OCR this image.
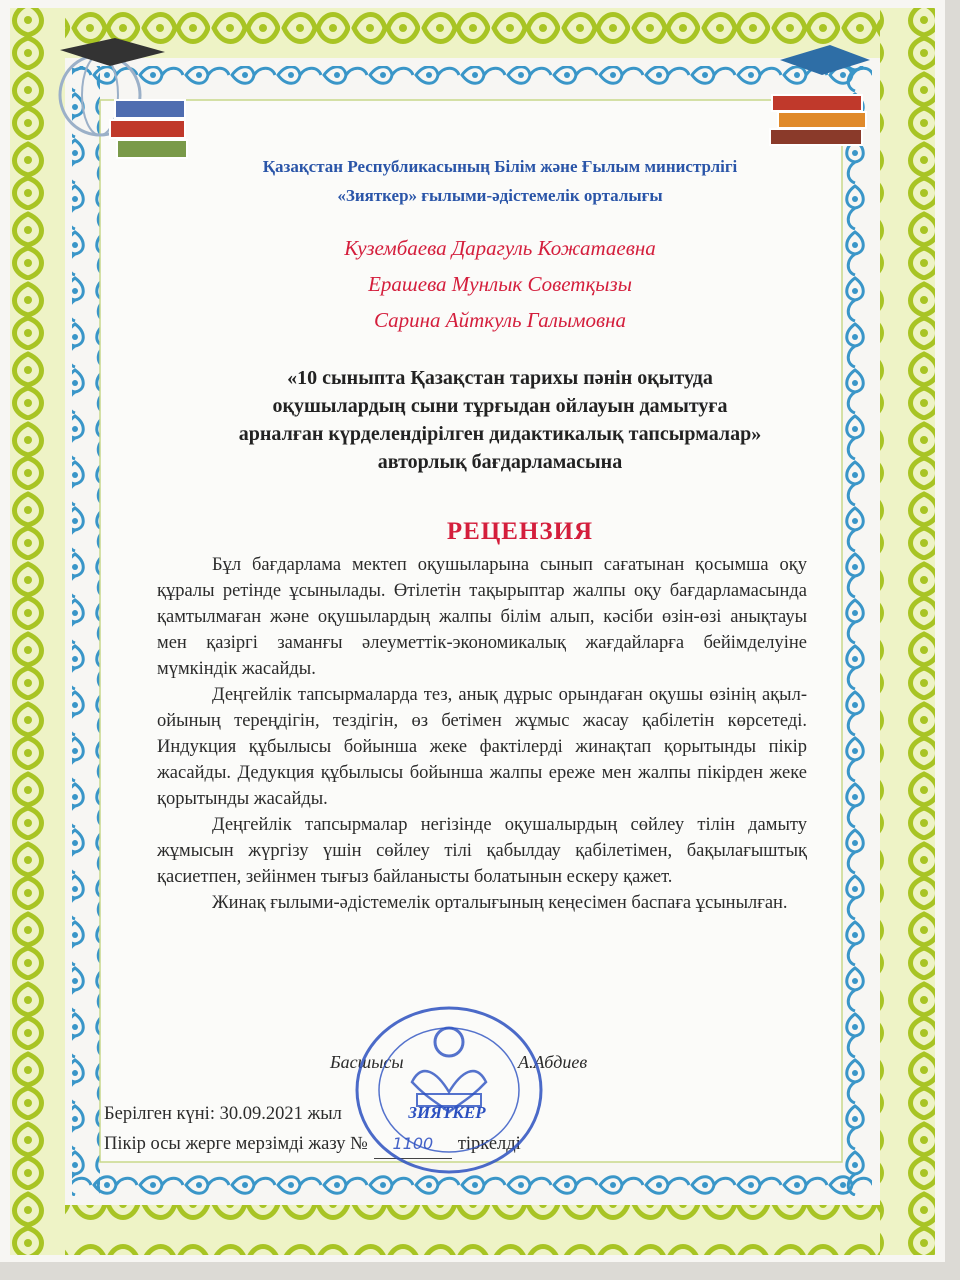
Қазақстан Республикасының Білім және Ғылым министрлігі
«Зияткер» ғылыми-әдістемелік орталығы
Кузембаева Дарагуль Кожатаевна
Ерашева Мунлык Советқызы
Сарина Айткуль Галымовна
«10 сыныпта Қазақстан тарихы пәнін оқытуда
оқушылардың сыни тұрғыдан ойлауын дамытуға
арналған күрделендірілген дидактикалық тапсырмалар»
авторлық бағдарламасына
РЕЦЕНЗИЯ

Бұл бағдарлама мектеп оқушыларына сынып сағатынан қосымша оқу құралы ретінде ұсынылады. Өтілетін тақырыптар жалпы оқу бағдарламасында қамтылмаған және оқушылардың жалпы білім алып, кәсіби өзін-өзі анықтауы мен қазіргі заманғы әлеуметтік-экономикалық жағдайларға бейімделуіне мүмкіндік жасайды.

Деңгейлік тапсырмаларда тез, анық дұрыс орындаған оқушы өзінің ақыл-ойының тереңдігін, тездігін, өз бетімен жұмыс жасау қабілетін көрсетеді. Индукция құбылысы бойынша жеке фактілерді жинақтап қорытынды пікір жасайды. Дедукция құбылысы бойынша жалпы ереже мен жалпы пікірден жеке қорытынды жасайды.

Деңгейлік тапсырмалар негізінде оқушалырдың сөйлеу тілін дамыту жұмысын жүргізу үшін сөйлеу тілі қабылдау қабілетімен, бақылағыштық қасиетпен, зейінмен тығыз байланысты болатынын ескеру қажет.

Жинақ ғылыми-әдістемелік орталығының кеңесімен баспаға ұсынылған.

Басшысы	А.Абдиев
Берілген күні: 30.09.2021 жыл
Пікір осы жерге мерзімді жазу № 1100 тіркелді
ЗИЯТКЕР
